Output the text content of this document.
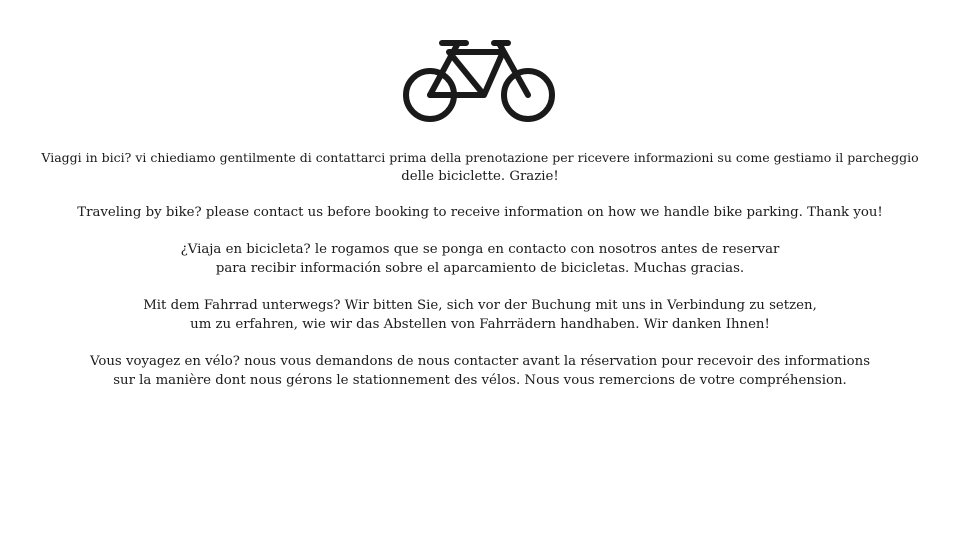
Viaggi in bici? vi chiediamo gentilmente di contattarci prima della prenotazione per ricevere informazioni su come gestiamo il parcheggio
delle biciclette. Grazie!

Traveling by bike? please contact us before booking to receive information on how we handle bike parking. Thank you!

¿Viaja en bicicleta? le rogamos que se ponga en contacto con nosotros antes de reservar
para recibir información sobre el aparcamiento de bicicletas. Muchas gracias.

Mit dem Fahrrad unterwegs? Wir bitten Sie, sich vor der Buchung mit uns in Verbindung zu setzen,
um zu erfahren, wie wir das Abstellen von Fahrrädern handhaben. Wir danken Ihnen!

Vous voyagez en vélo? nous vous demandons de nous contacter avant la réservation pour recevoir des informations
sur la manière dont nous gérons le stationnement des vélos. Nous vous remercions de votre compréhension.
